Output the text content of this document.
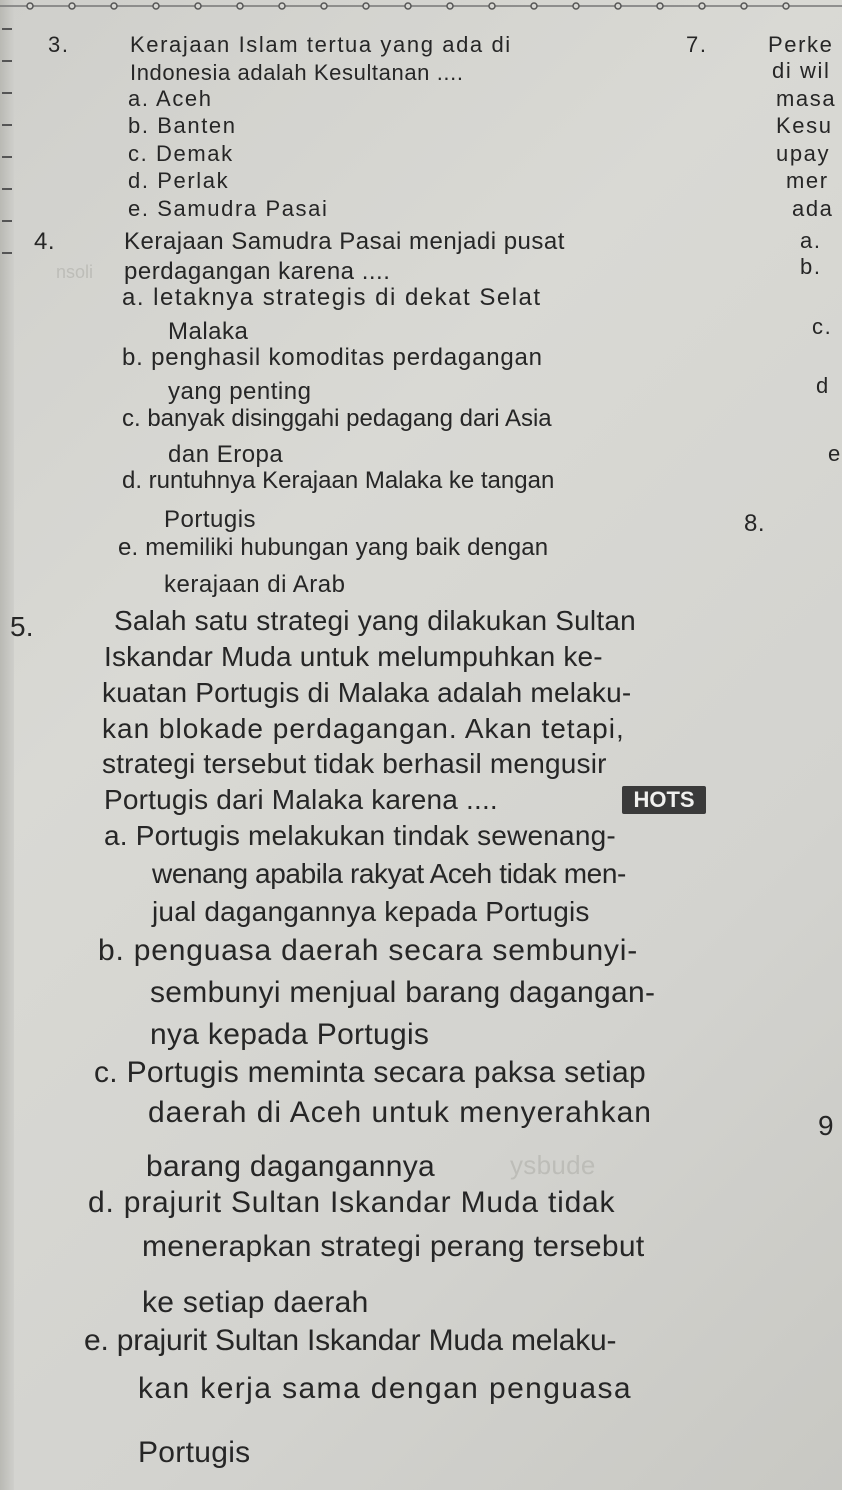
3.	Kerajaan Islam tertua yang ada di
Indonesia adalah Kesultanan ....
a. Aceh
b. Banten
c. Demak
d. Perlak
e. Samudra Pasai
4.	Kerajaan Samudra Pasai menjadi pusat
perdagangan karena ....
a. letaknya strategis di dekat Selat
Malaka
b. penghasil komoditas perdagangan
yang penting
c. banyak disinggahi pedagang dari Asia
dan Eropa
d. runtuhnya Kerajaan Malaka ke tangan
Portugis
e. memiliki hubungan yang baik dengan
kerajaan di Arab
5.	Salah satu strategi yang dilakukan Sultan
Iskandar Muda untuk melumpuhkan ke-
kuatan Portugis di Malaka adalah melaku-
kan blokade perdagangan. Akan tetapi,
strategi tersebut tidak berhasil mengusir
Portugis dari Malaka karena ....	HOTS
a. Portugis melakukan tindak sewenang-
wenang apabila rakyat Aceh tidak men-
jual dagangannya kepada Portugis
b. penguasa daerah secara sembunyi-
sembunyi menjual barang dagangan-
nya kepada Portugis
c. Portugis meminta secara paksa setiap
daerah di Aceh untuk menyerahkan
barang dagangannya
d. prajurit Sultan Iskandar Muda tidak
menerapkan strategi perang tersebut
ke setiap daerah
e. prajurit Sultan Iskandar Muda melaku-
kan kerja sama dengan penguasa
Portugis
7.	Perke
di wil
masa
Kesu
upay
mer
ada
a.
b.
c.
d
e
8.
9
nsoli
ysbude
